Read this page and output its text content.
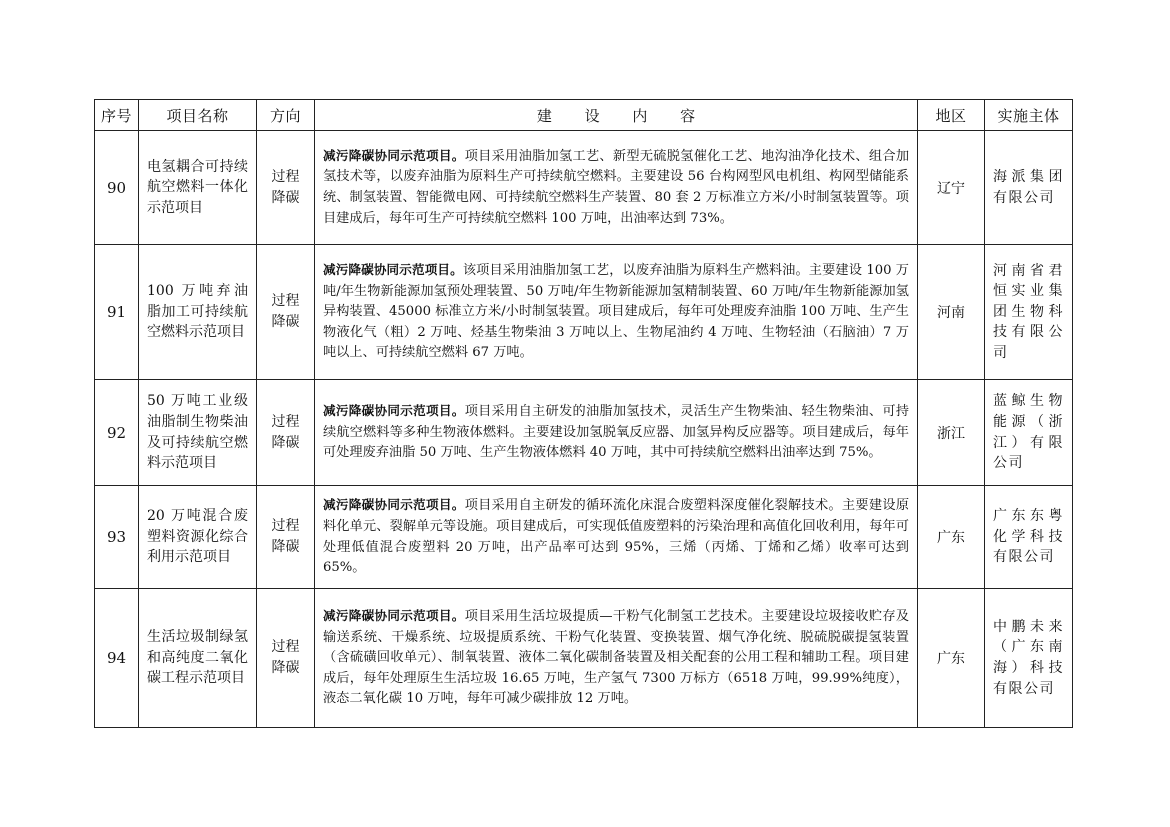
序号	项目名称	方向	建 设 内 容	地区	实施主体
90	电氢耦合可持续航空燃料一体化示范项目	过程降碳	减污降碳协同示范项目。项目采用油脂加氢工艺、新型无硫脱氢催化工艺、地沟油净化技术、组合加氢技术等，以废弃油脂为原料生产可持续航空燃料。主要建设 56 台构网型风电机组、构网型储能系统、制氢装置、智能微电网、可持续航空燃料生产装置、80 套 2 万标准立方米/小时制氢装置等。项目建成后，每年可生产可持续航空燃料 100 万吨，出油率达到 73%。	辽宁	海派集团有限公司
91	100 万吨弃油脂加工可持续航空燃料示范项目	过程降碳	减污降碳协同示范项目。该项目采用油脂加氢工艺，以废弃油脂为原料生产燃料油。主要建设 100 万吨/年生物新能源加氢预处理装置、50 万吨/年生物新能源加氢精制装置、60 万吨/年生物新能源加氢异构装置、45000 标准立方米/小时制氢装置。项目建成后，每年可处理废弃油脂 100 万吨、生产生物液化气（粗）2 万吨、烃基生物柴油 3 万吨以上、生物尾油约 4 万吨、生物轻油（石脑油）7 万吨以上、可持续航空燃料 67 万吨。	河南	河南省君恒实业集团生物科技有限公司
92	50 万吨工业级油脂制生物柴油及可持续航空燃料示范项目	过程降碳	减污降碳协同示范项目。项目采用自主研发的油脂加氢技术，灵活生产生物柴油、轻生物柴油、可持续航空燃料等多种生物液体燃料。主要建设加氢脱氧反应器、加氢异构反应器等。项目建成后，每年可处理废弃油脂 50 万吨、生产生物液体燃料 40 万吨，其中可持续航空燃料出油率达到 75%。	浙江	蓝鲸生物能源（浙江）有限公司
93	20 万吨混合废塑料资源化综合利用示范项目	过程降碳	减污降碳协同示范项目。项目采用自主研发的循环流化床混合废塑料深度催化裂解技术。主要建设原料化单元、裂解单元等设施。项目建成后，可实现低值废塑料的污染治理和高值化回收利用，每年可处理低值混合废塑料 20 万吨，出产品率可达到 95%，三烯（丙烯、丁烯和乙烯）收率可达到 65%。	广东	广东东粤化学科技有限公司
94	生活垃圾制绿氢和高纯度二氧化碳工程示范项目	过程降碳	减污降碳协同示范项目。项目采用生活垃圾提质—干粉气化制氢工艺技术。主要建设垃圾接收贮存及输送系统、干燥系统、垃圾提质系统、干粉气化装置、变换装置、烟气净化统、脱硫脱碳提氢装置（含硫磺回收单元）、制氧装置、液体二氧化碳制备装置及相关配套的公用工程和辅助工程。项目建成后，每年处理原生生活垃圾 16.65 万吨，生产氢气 7300 万标方（6518 万吨，99.99%纯度），液态二氧化碳 10 万吨，每年可减少碳排放 12 万吨。	广东	中鹏未来（广东南海）科技有限公司
